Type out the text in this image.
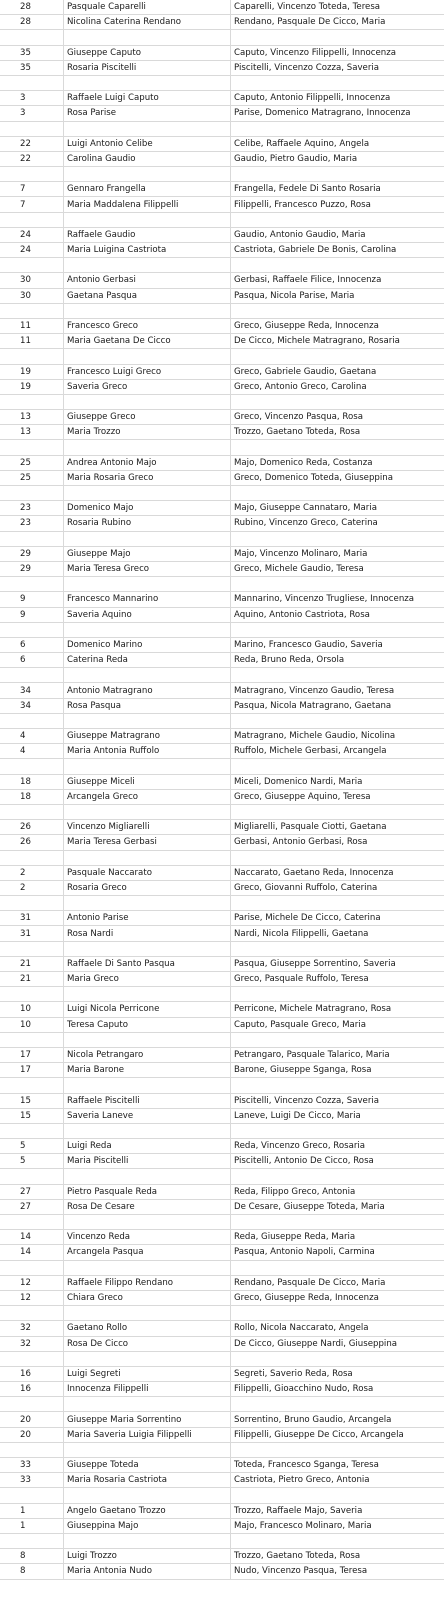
28	Pasquale Caparelli	Caparelli, Vincenzo Toteda, Teresa
28	Nicolina Caterina Rendano	Rendano, Pasquale De Cicco, Maria

35	Giuseppe Caputo	Caputo, Vincenzo Filippelli, Innocenza
35	Rosaria Piscitelli	Piscitelli, Vincenzo Cozza, Saveria

3	Raffaele Luigi Caputo	Caputo, Antonio Filippelli, Innocenza
3	Rosa Parise	Parise, Domenico Matragrano, Innocenza

22	Luigi Antonio Celibe	Celibe, Raffaele Aquino, Angela
22	Carolina Gaudio	Gaudio, Pietro Gaudio, Maria

7	Gennaro Frangella	Frangella, Fedele Di Santo Rosaria
7	Maria Maddalena Filippelli	Filippelli, Francesco Puzzo, Rosa

24	Raffaele Gaudio	Gaudio, Antonio Gaudio, Maria
24	Maria Luigina Castriota	Castriota, Gabriele De Bonis, Carolina

30	Antonio Gerbasi	Gerbasi, Raffaele Filice, Innocenza
30	Gaetana Pasqua	Pasqua, Nicola Parise, Maria

11	Francesco Greco	Greco, Giuseppe Reda, Innocenza
11	Maria Gaetana De Cicco	De Cicco, Michele Matragrano, Rosaria

19	Francesco Luigi Greco	Greco, Gabriele Gaudio, Gaetana
19	Saveria Greco	Greco, Antonio Greco, Carolina

13	Giuseppe Greco	Greco, Vincenzo Pasqua, Rosa
13	Maria Trozzo	Trozzo, Gaetano Toteda, Rosa

25	Andrea Antonio Majo	Majo, Domenico Reda, Costanza
25	Maria Rosaria Greco	Greco, Domenico Toteda, Giuseppina

23	Domenico Majo	Majo, Giuseppe Cannataro, Maria
23	Rosaria Rubino	Rubino, Vincenzo Greco, Caterina

29	Giuseppe Majo	Majo, Vincenzo Molinaro, Maria
29	Maria Teresa Greco	Greco, Michele Gaudio, Teresa

9	Francesco Mannarino	Mannarino, Vincenzo Trugliese, Innocenza
9	Saveria Aquino	Aquino, Antonio Castriota, Rosa

6	Domenico Marino	Marino, Francesco Gaudio, Saveria
6	Caterina Reda	Reda, Bruno Reda, Orsola

34	Antonio Matragrano	Matragrano, Vincenzo Gaudio, Teresa
34	Rosa Pasqua	Pasqua, Nicola Matragrano, Gaetana

4	Giuseppe Matragrano	Matragrano, Michele Gaudio, Nicolina
4	Maria Antonia Ruffolo	Ruffolo, Michele Gerbasi, Arcangela

18	Giuseppe Miceli	Miceli, Domenico Nardi, Maria
18	Arcangela Greco	Greco, Giuseppe Aquino, Teresa

26	Vincenzo Migliarelli	Migliarelli, Pasquale Ciotti, Gaetana
26	Maria Teresa Gerbasi	Gerbasi, Antonio Gerbasi, Rosa

2	Pasquale Naccarato	Naccarato, Gaetano Reda, Innocenza
2	Rosaria Greco	Greco, Giovanni Ruffolo, Caterina

31	Antonio Parise	Parise, Michele De Cicco, Caterina
31	Rosa Nardi	Nardi, Nicola Filippelli, Gaetana

21	Raffaele Di Santo Pasqua	Pasqua, Giuseppe Sorrentino, Saveria
21	Maria Greco	Greco, Pasquale Ruffolo, Teresa

10	Luigi Nicola Perricone	Perricone, Michele Matragrano, Rosa
10	Teresa Caputo	Caputo, Pasquale Greco, Maria

17	Nicola Petrangaro	Petrangaro, Pasquale Talarico, Maria
17	Maria Barone	Barone, Giuseppe Sganga, Rosa

15	Raffaele Piscitelli	Piscitelli, Vincenzo Cozza, Saveria
15	Saveria Laneve	Laneve, Luigi De Cicco, Maria

5	Luigi Reda	Reda, Vincenzo Greco, Rosaria
5	Maria Piscitelli	Piscitelli, Antonio De Cicco, Rosa

27	Pietro Pasquale Reda	Reda, Filippo Greco, Antonia
27	Rosa De Cesare	De Cesare, Giuseppe Toteda, Maria

14	Vincenzo Reda	Reda, Giuseppe Reda, Maria
14	Arcangela Pasqua	Pasqua, Antonio Napoli, Carmina

12	Raffaele Filippo Rendano	Rendano, Pasquale De Cicco, Maria
12	Chiara Greco	Greco, Giuseppe Reda, Innocenza

32	Gaetano Rollo	Rollo, Nicola Naccarato, Angela
32	Rosa De Cicco	De Cicco, Giuseppe Nardi, Giuseppina

16	Luigi Segreti	Segreti, Saverio Reda, Rosa
16	Innocenza Filippelli	Filippelli, Gioacchino Nudo, Rosa

20	Giuseppe Maria Sorrentino	Sorrentino, Bruno Gaudio, Arcangela
20	Maria Saveria Luigia Filippelli	Filippelli, Giuseppe De Cicco, Arcangela

33	Giuseppe Toteda	Toteda, Francesco Sganga, Teresa
33	Maria Rosaria Castriota	Castriota, Pietro Greco, Antonia

1	Angelo Gaetano Trozzo	Trozzo, Raffaele Majo, Saveria
1	Giuseppina Majo	Majo, Francesco Molinaro, Maria

8	Luigi Trozzo	Trozzo, Gaetano Toteda, Rosa
8	Maria Antonia Nudo	Nudo, Vincenzo Pasqua, Teresa
